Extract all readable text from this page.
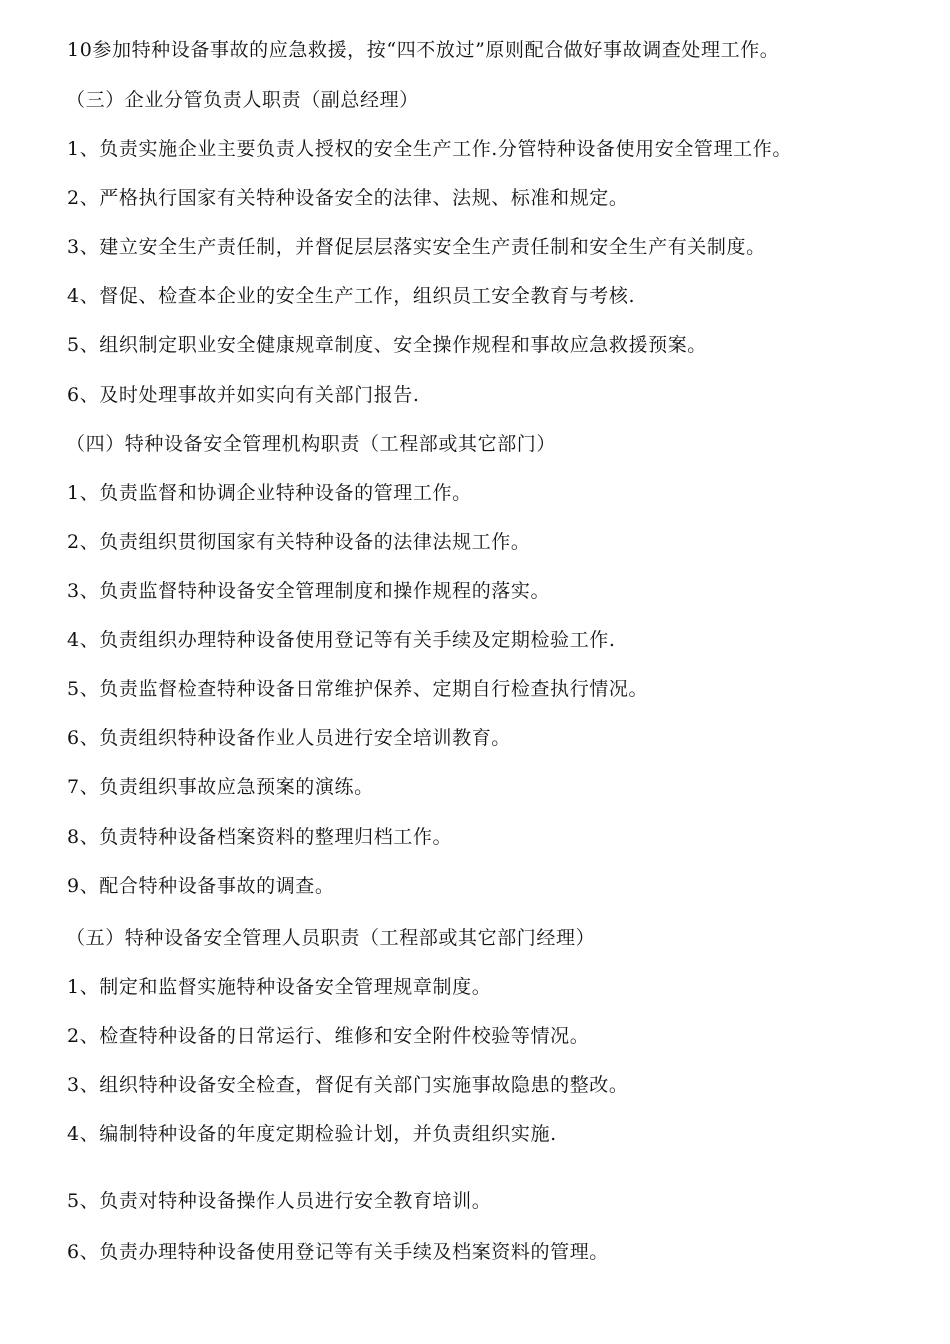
10参加特种设备事故的应急救援，按“四不放过”原则配合做好事故调查处理工作。
（三）企业分管负责人职责（副总经理）
1、负责实施企业主要负责人授权的安全生产工作.分管特种设备使用安全管理工作。
2、严格执行国家有关特种设备安全的法律、法规、标准和规定。
3、建立安全生产责任制，并督促层层落实安全生产责任制和安全生产有关制度。
4、督促、检查本企业的安全生产工作，组织员工安全教育与考核.
5、组织制定职业安全健康规章制度、安全操作规程和事故应急救援预案。
6、及时处理事故并如实向有关部门报告.
（四）特种设备安全管理机构职责（工程部或其它部门）
1、负责监督和协调企业特种设备的管理工作。
2、负责组织贯彻国家有关特种设备的法律法规工作。
3、负责监督特种设备安全管理制度和操作规程的落实。
4、负责组织办理特种设备使用登记等有关手续及定期检验工作.
5、负责监督检查特种设备日常维护保养、定期自行检查执行情况。
6、负责组织特种设备作业人员进行安全培训教育。
7、负责组织事故应急预案的演练。
8、负责特种设备档案资料的整理归档工作。
9、配合特种设备事故的调查。
（五）特种设备安全管理人员职责（工程部或其它部门经理）
1、制定和监督实施特种设备安全管理规章制度。
2、检查特种设备的日常运行、维修和安全附件校验等情况。
3、组织特种设备安全检查，督促有关部门实施事故隐患的整改。
4、编制特种设备的年度定期检验计划，并负责组织实施.
5、负责对特种设备操作人员进行安全教育培训。
6、负责办理特种设备使用登记等有关手续及档案资料的管理。
